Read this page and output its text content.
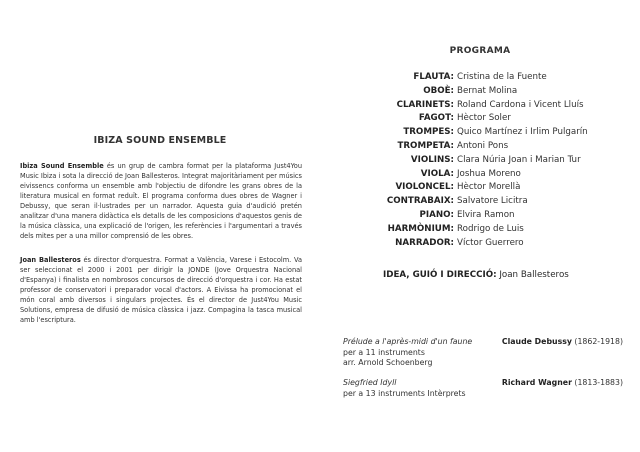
IBIZA SOUND ENSEMBLE
Ibiza Sound Ensemble és un grup de cambra format per la plataforma Just4You Music Ibiza i sota la direcció de Joan Ballesteros. Integrat majoritàriament per músics eivissencs conforma un ensemble amb l'objectiu de difondre les grans obres de la literatura musical en format reduït. El programa conforma dues obres de Wagner i Debussy, que seran il·lustrades per un narrador. Aquesta guia d'audició pretén analitzar d'una manera didàctica els detalls de les composicions d'aquestos genis de la música clàssica, una explicació de l'origen, les referències i l'argumentari a través dels mites per a una millor comprensió de les obres.
Joan Ballesteros és director d'orquestra. Format a València, Varese i Estocolm. Va ser seleccionat el 2000 i 2001 per dirigir la JONDE (Jove Orquestra Nacional d'Espanya) i finalista en nombrosos concursos de direcció d'orquestra i cor. Ha estat professor de conservatori i preparador vocal d'actors. A Eivissa ha promocionat el món coral amb diversos i singulars projectes. És el director de Just4You Music Solutions, empresa de difusió de música clàssica i jazz. Compagina la tasca musical amb l'escriptura.
PROGRAMA
FLAUTA: Cristina de la Fuente
OBOÈ: Bernat Molina
CLARINETS: Roland Cardona i Vicent Lluís
FAGOT: Hèctor Soler
TROMPES: Quico Martínez i Irlim Pulgarín
TROMPETA: Antoni Pons
VIOLINS: Clara Núria Joan i Marian Tur
VIOLA: Joshua Moreno
VIOLONCEL: Hèctor Morellà
CONTRABAIX: Salvatore Licitra
PIANO: Elvira Ramon
HARMÒNIUM: Rodrigo de Luis
NARRADOR: Víctor Guerrero
IDEA, GUIÓ I DIRECCIÓ: Joan Ballesteros
Prélude a l'après-midi d'un faune
per a 11 instruments
arr. Arnold Schoenberg
Claude Debussy (1862-1918)
Siegfried Idyll
per a 13 instruments Intèrprets
Richard Wagner (1813-1883)
